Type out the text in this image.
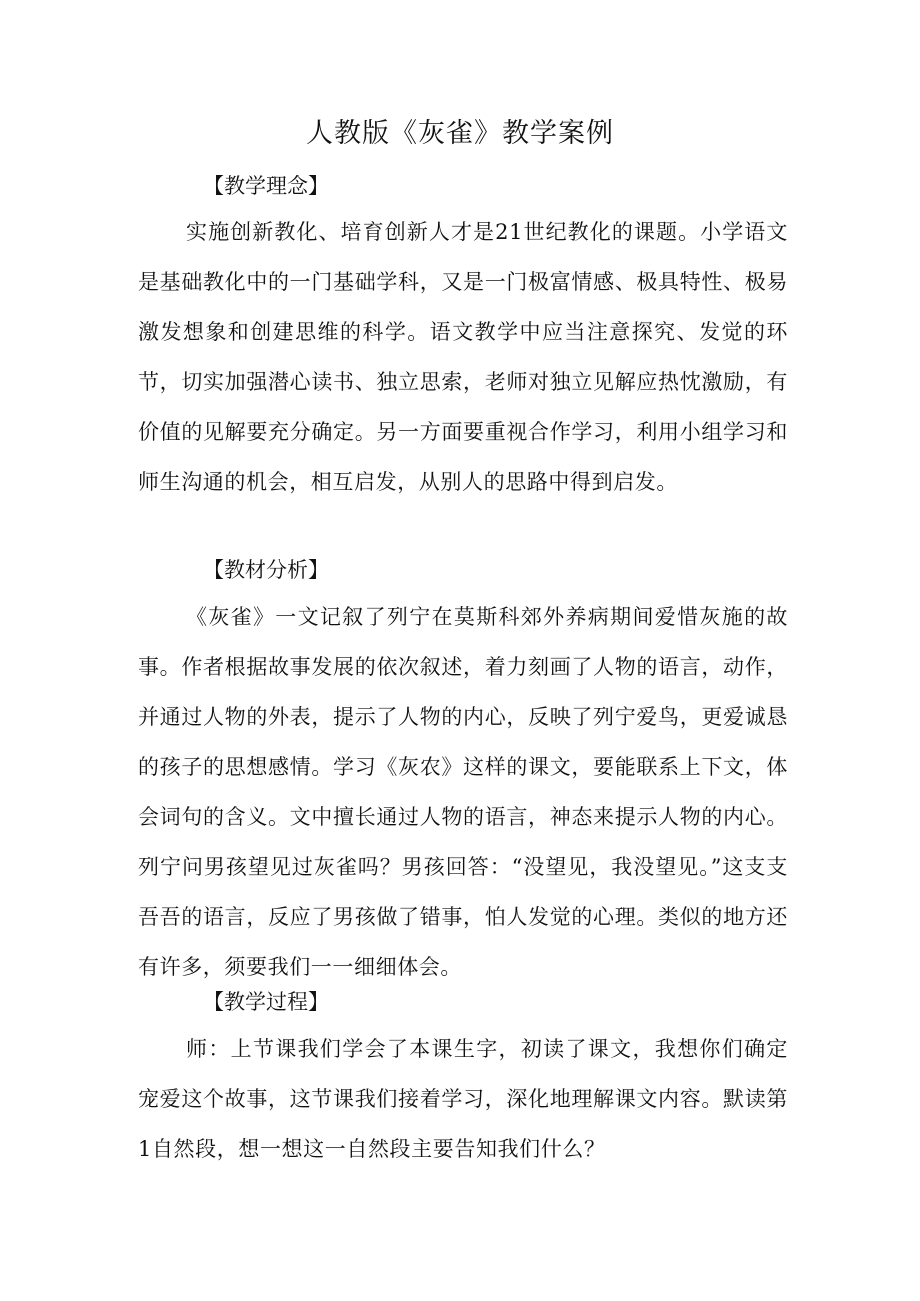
人教版《灰雀》教学案例
【教学理念】

实施创新教化、培育创新人才是21世纪教化的课题。小学语文是基础教化中的一门基础学科，又是一门极富情感、极具特性、极易激发想象和创建思维的科学。语文教学中应当注意探究、发觉的环节，切实加强潜心读书、独立思索，老师对独立见解应热忱激励，有价值的见解要充分确定。另一方面要重视合作学习，利用小组学习和师生沟通的机会，相互启发，从别人的思路中得到启发。

【教材分析】

《灰雀》一文记叙了列宁在莫斯科郊外养病期间爱惜灰施的故事。作者根据故事发展的依次叙述，着力刻画了人物的语言，动作，并通过人物的外表，提示了人物的内心，反映了列宁爱鸟，更爱诚恳的孩子的思想感情。学习《灰农》这样的课文，要能联系上下文，体会词句的含义。文中擅长通过人物的语言，神态来提示人物的内心。列宁问男孩望见过灰雀吗？男孩回答：“没望见，我没望见。”这支支吾吾的语言，反应了男孩做了错事，怕人发觉的心理。类似的地方还有许多，须要我们一一细细体会。

【教学过程】

师：上节课我们学会了本课生字，初读了课文，我想你们确定宠爱这个故事，这节课我们接着学习，深化地理解课文内容。默读第1自然段，想一想这一自然段主要告知我们什么？
